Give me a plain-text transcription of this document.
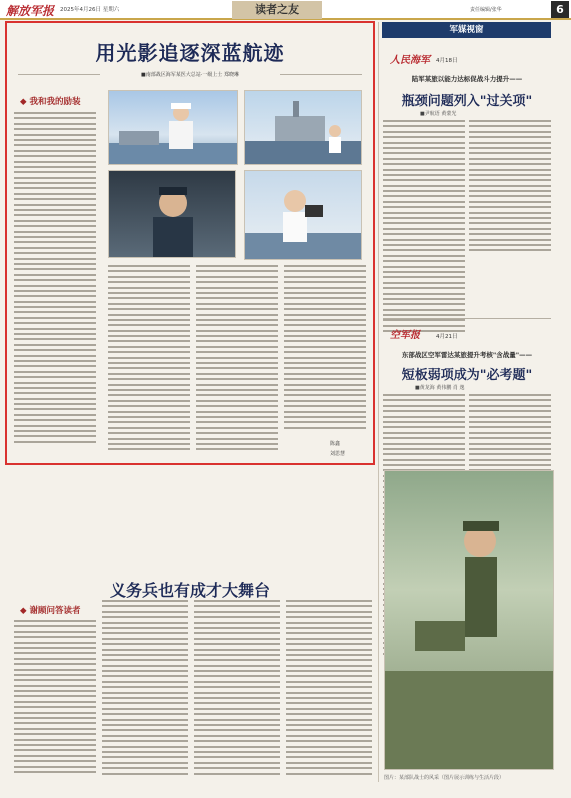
解放军报 2025年4月26日 星期六	读者之友	责任编辑/张华	6
用光影追逐深蓝航迹
■南部战区海军某医大总站·一级上士 郑晓琳
◆ 我和我的励装
陈鑫
刘思慧
军媒视窗
人民海军 4月18日
陆军某旅以能力达标促战斗力提升——
瓶颈问题列入"过关项"
■尹航语 黄蒙光
空军报	4月21日
东部战区空军雷达某旅提升考核"含战量"——
短板弱项成为"必考题"
■黄龙海 黄伟鹏 肖 逸
义务兵也有成才大舞台
◆ 谢顾问答读者
图片：某部队战士的风采（图片展示训练与生活片段）
